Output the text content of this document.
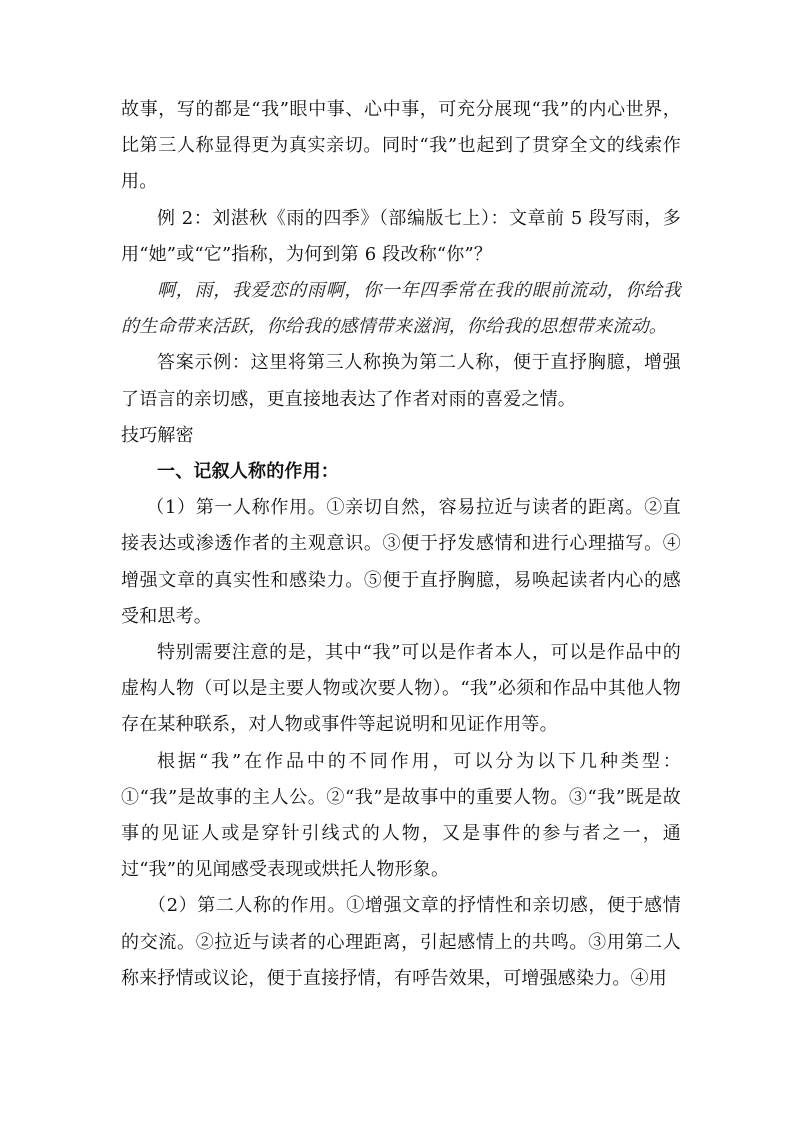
故事，写的都是“我”眼中事、心中事，可充分展现“我”的内心世界，比第三人称显得更为真实亲切。同时“我”也起到了贯穿全文的线索作用。

例 2：刘湛秋《雨的四季》（部编版七上）：文章前 5 段写雨，多用“她”或“它”指称，为何到第 6 段改称“你”？

啊，雨，我爱恋的雨啊，你一年四季常在我的眼前流动，你给我的生命带来活跃，你给我的感情带来滋润，你给我的思想带来流动。

答案示例：这里将第三人称换为第二人称，便于直抒胸臆，增强了语言的亲切感，更直接地表达了作者对雨的喜爱之情。

技巧解密

一、记叙人称的作用：

（1）第一人称作用。①亲切自然，容易拉近与读者的距离。②直接表达或渗透作者的主观意识。③便于抒发感情和进行心理描写。④增强文章的真实性和感染力。⑤便于直抒胸臆，易唤起读者内心的感受和思考。

特别需要注意的是，其中“我”可以是作者本人，可以是作品中的虚构人物（可以是主要人物或次要人物）。“我”必须和作品中其他人物存在某种联系，对人物或事件等起说明和见证作用等。

根据“我”在作品中的不同作用，可以分为以下几种类型：①“我”是故事的主人公。②“我”是故事中的重要人物。③“我”既是故事的见证人或是穿针引线式的人物，又是事件的参与者之一，通过“我”的见闻感受表现或烘托人物形象。

（2）第二人称的作用。①增强文章的抒情性和亲切感，便于感情的交流。②拉近与读者的心理距离，引起感情上的共鸣。③用第二人称来抒情或议论，便于直接抒情，有呼告效果，可增强感染力。④用
